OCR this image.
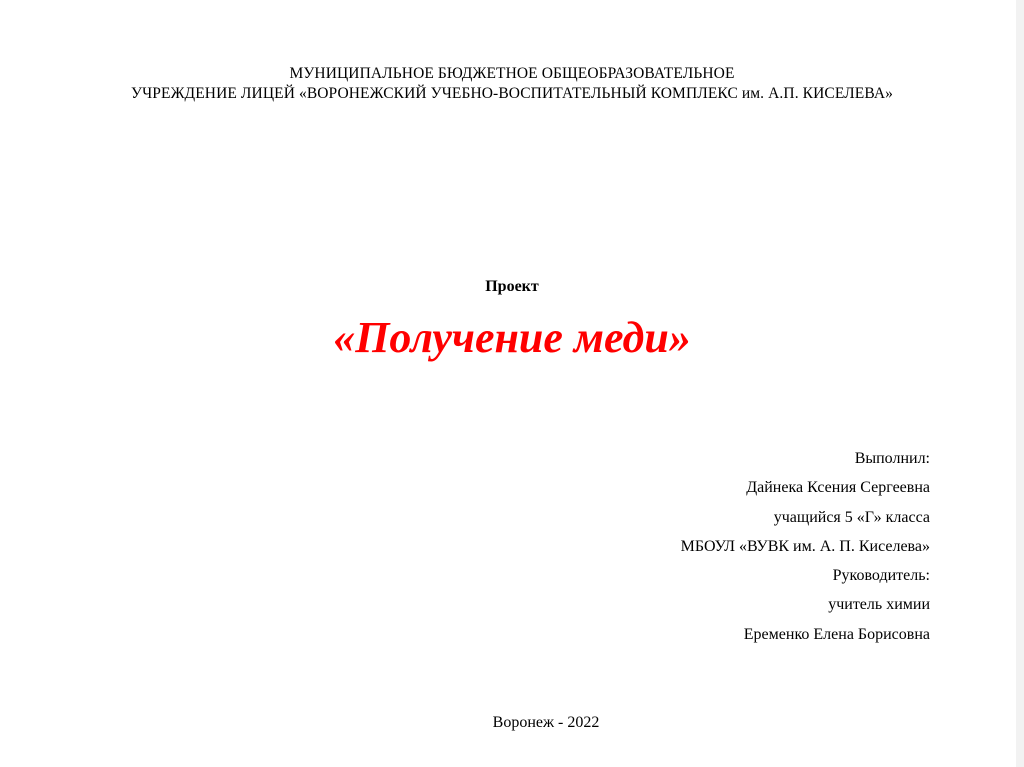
МУНИЦИПАЛЬНОЕ БЮДЖЕТНОЕ ОБЩЕОБРАЗОВАТЕЛЬНОЕ
УЧРЕЖДЕНИЕ ЛИЦЕЙ «ВОРОНЕЖСКИЙ УЧЕБНО-ВОСПИТАТЕЛЬНЫЙ КОМПЛЕКС им. А.П. КИСЕЛЕВА»
Проект
«Получение меди»
Выполнил:
Дайнека Ксения Сергеевна
учащийся 5 «Г» класса
МБОУЛ «ВУВК им. А. П. Киселева»
Руководитель:
учитель химии
Еременко Елена Борисовна
Воронеж - 2022
